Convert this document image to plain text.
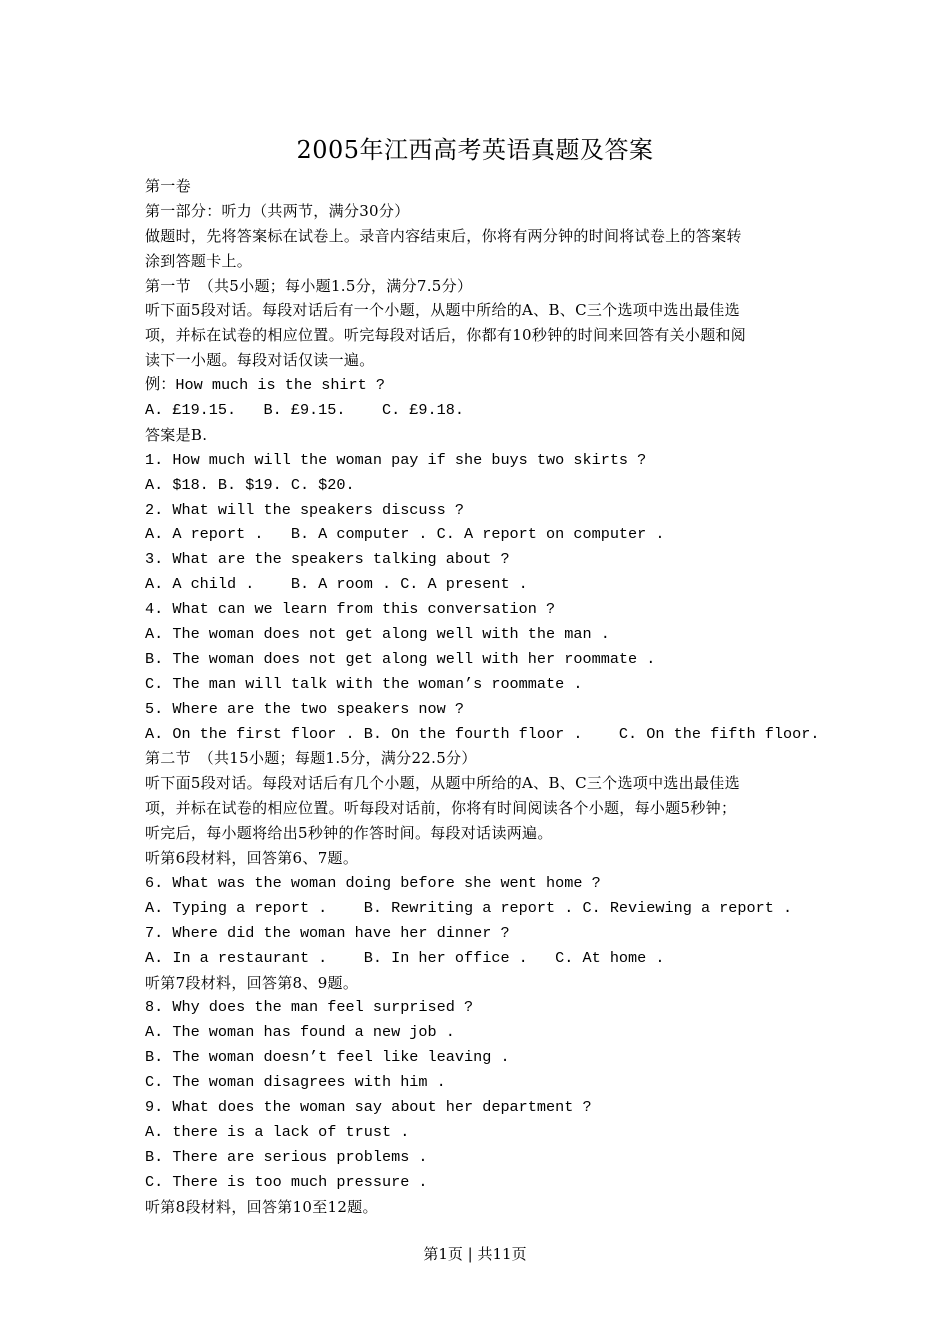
2005年江西高考英语真题及答案
第一卷
第一部分：听力（共两节，满分30分）
做题时，先将答案标在试卷上。录音内容结束后，你将有两分钟的时间将试卷上的答案转
涂到答题卡上。
第一节　（共5小题；每小题1.5分，满分7.5分）
听下面5段对话。每段对话后有一个小题，从题中所给的A、B、C三个选项中选出最佳选
项，并标在试卷的相应位置。听完每段对话后，你都有10秒钟的时间来回答有关小题和阅
读下一小题。每段对话仅读一遍。
例：How much is the shirt ?
A. £19.15.   B. £9.15.    C. £9.18.
答案是B.
1. How much will the woman pay if she buys two skirts ?
A. $18. B. $19. C. $20.
2. What will the speakers discuss ?
A. A report .   B. A computer . C. A report on computer .
3. What are the speakers talking about ?
A. A child .    B. A room . C. A present .
4. What can we learn from this conversation ?
A. The woman does not get along well with the man .
B. The woman does not get along well with her roommate .
C. The man will talk with the woman’s roommate .
5. Where are the two speakers now ?
A. On the first floor . B. On the fourth floor .    C. On the fifth floor.
第二节　（共15小题；每题1.5分，满分22.5分）
听下面5段对话。每段对话后有几个小题，从题中所给的A、B、C三个选项中选出最佳选
项，并标在试卷的相应位置。听每段对话前，你将有时间阅读各个小题，每小题5秒钟；
听完后，每小题将给出5秒钟的作答时间。每段对话读两遍。
听第6段材料，回答第6、7题。
6. What was the woman doing before she went home ?
A. Typing a report .    B. Rewriting a report . C. Reviewing a report .
7. Where did the woman have her dinner ?
A. In a restaurant .    B. In her office .   C. At home .
听第7段材料，回答第8、9题。
8. Why does the man feel surprised ?
A. The woman has found a new job .
B. The woman doesn’t feel like leaving .
C. The woman disagrees with him .
9. What does the woman say about her department ?
A. there is a lack of trust .
B. There are serious problems .
C. There is too much pressure .
听第8段材料，回答第10至12题。
第1页 | 共11页
